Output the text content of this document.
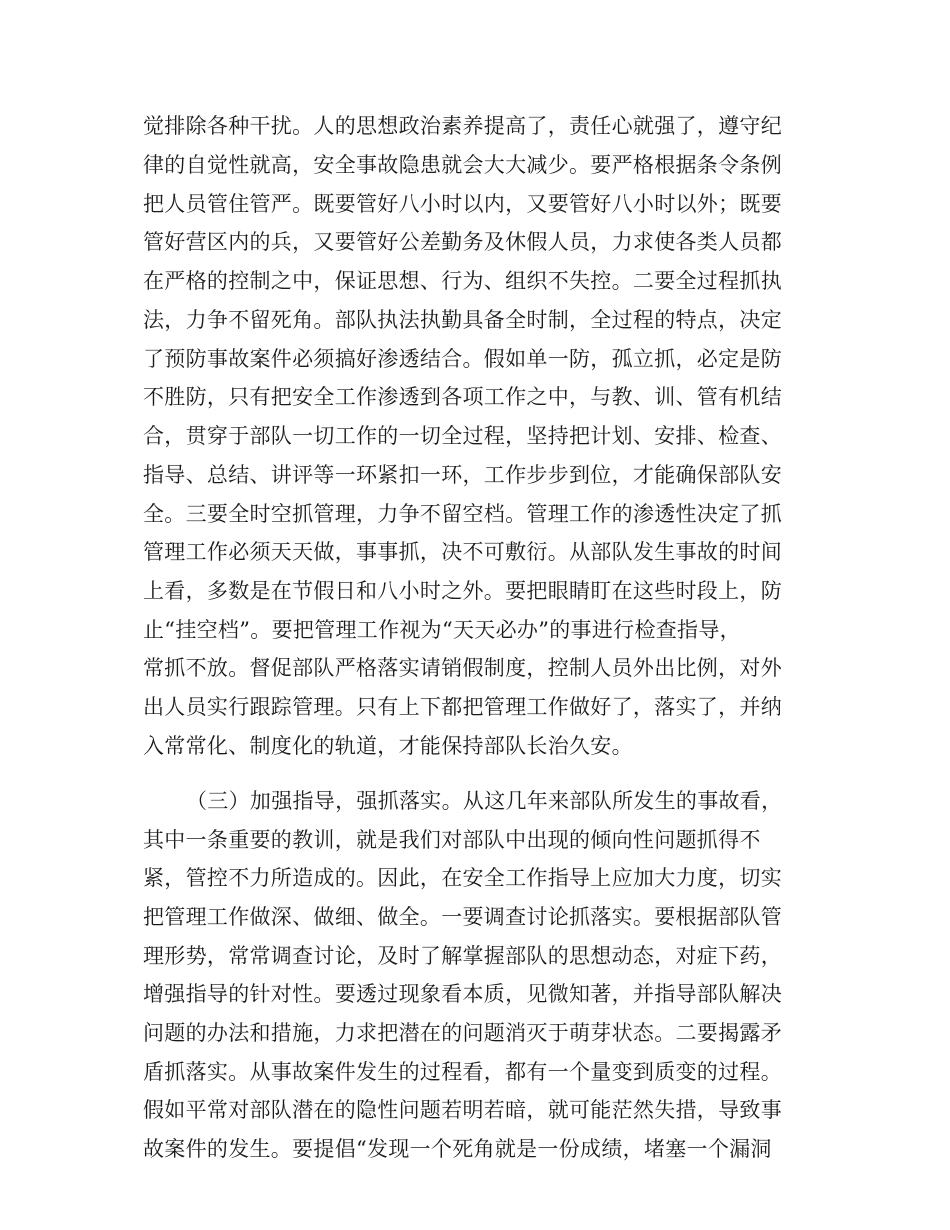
觉排除各种干扰。人的思想政治素养提高了，责任心就强了，遵守纪
律的自觉性就高，安全事故隐患就会大大减少。要严格根据条令条例
把人员管住管严。既要管好八小时以内，又要管好八小时以外；既要
管好营区内的兵，又要管好公差勤务及休假人员，力求使各类人员都
在严格的控制之中，保证思想、行为、组织不失控。二要全过程抓执
法，力争不留死角。部队执法执勤具备全时制，全过程的特点，决定
了预防事故案件必须搞好渗透结合。假如单一防，孤立抓，必定是防
不胜防，只有把安全工作渗透到各项工作之中，与教、训、管有机结
合，贯穿于部队一切工作的一切全过程，坚持把计划、安排、检查、
指导、总结、讲评等一环紧扣一环，工作步步到位，才能确保部队安
全。三要全时空抓管理，力争不留空档。管理工作的渗透性决定了抓
管理工作必须天天做，事事抓，决不可敷衍。从部队发生事故的时间
上看，多数是在节假日和八小时之外。要把眼睛盯在这些时段上，防
止“挂空档”。要把管理工作视为“天天必办”的事进行检查指导，
常抓不放。督促部队严格落实请销假制度，控制人员外出比例，对外
出人员实行跟踪管理。只有上下都把管理工作做好了，落实了，并纳
入常常化、制度化的轨道，才能保持部队长治久安。
（三）加强指导，强抓落实。从这几年来部队所发生的事故看，
其中一条重要的教训，就是我们对部队中出现的倾向性问题抓得不
紧，管控不力所造成的。因此，在安全工作指导上应加大力度，切实
把管理工作做深、做细、做全。一要调查讨论抓落实。要根据部队管
理形势，常常调查讨论，及时了解掌握部队的思想动态，对症下药，
增强指导的针对性。要透过现象看本质，见微知著，并指导部队解决
问题的办法和措施，力求把潜在的问题消灭于萌芽状态。二要揭露矛
盾抓落实。从事故案件发生的过程看，都有一个量变到质变的过程。
假如平常对部队潜在的隐性问题若明若暗，就可能茫然失措，导致事
故案件的发生。要提倡“发现一个死角就是一份成绩，堵塞一个漏洞
